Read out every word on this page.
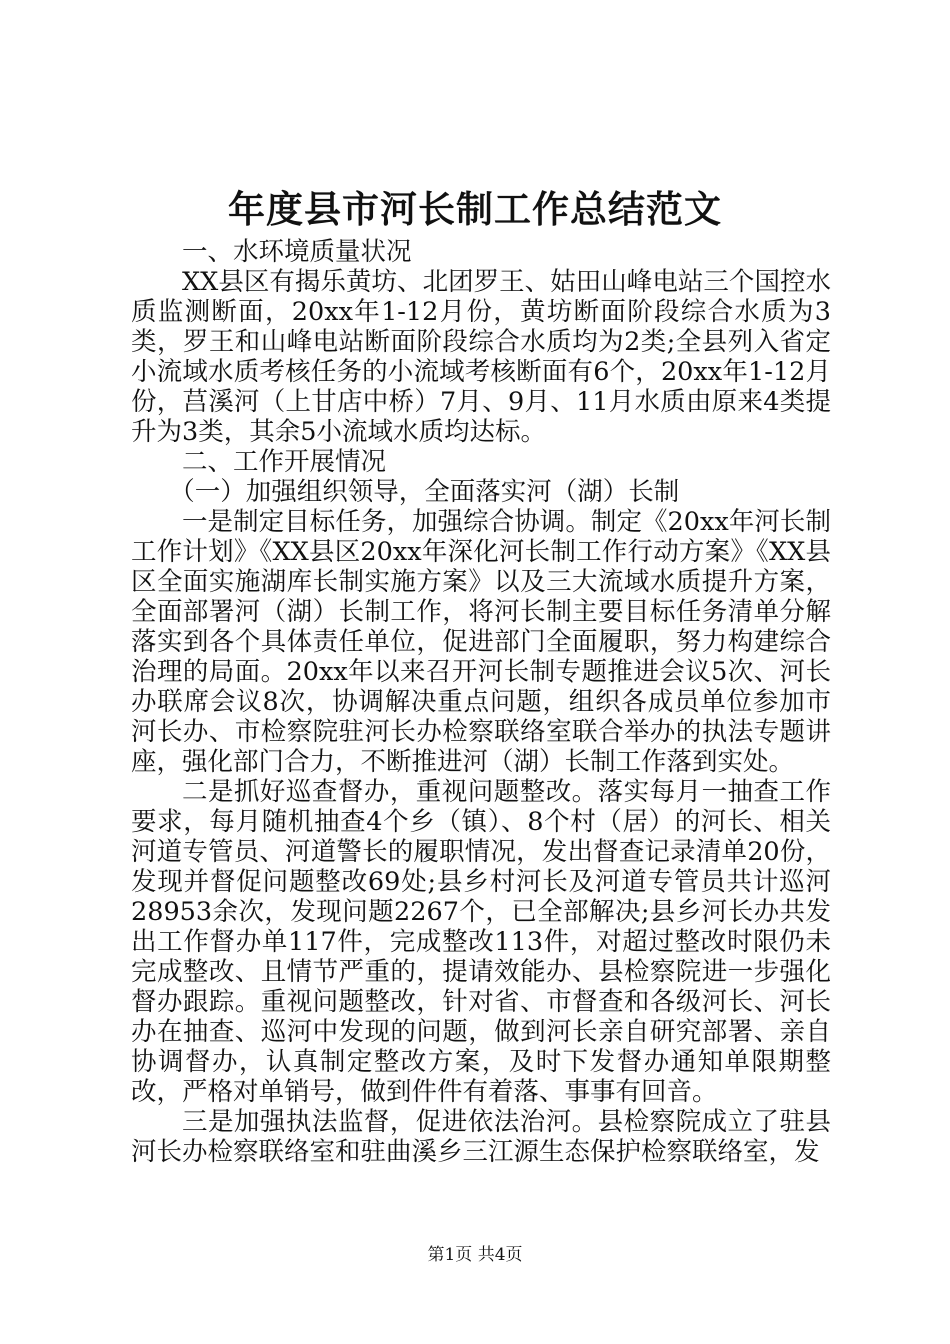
年度县市河长制工作总结范文

一、水环境质量状况

XX县区有揭乐黄坊、北团罗王、姑田山峰电站三个国控水质监测断面，20xx年1-12月份，黄坊断面阶段综合水质为3类，罗王和山峰电站断面阶段综合水质均为2类;全县列入省定小流域水质考核任务的小流域考核断面有6个，20xx年1-12月份，莒溪河（上甘店中桥）7月、9月、11月水质由原来4类提升为3类，其余5小流域水质均达标。

二、工作开展情况

（一）加强组织领导，全面落实河（湖）长制

一是制定目标任务，加强综合协调。制定《20xx年河长制工作计划》《XX县区20xx年深化河长制工作行动方案》《XX县区全面实施湖库长制实施方案》以及三大流域水质提升方案，全面部署河（湖）长制工作，将河长制主要目标任务清单分解落实到各个具体责任单位，促进部门全面履职，努力构建综合治理的局面。20xx年以来召开河长制专题推进会议5次、河长办联席会议8次，协调解决重点问题，组织各成员单位参加市河长办、市检察院驻河长办检察联络室联合举办的执法专题讲座，强化部门合力，不断推进河（湖）长制工作落到实处。

二是抓好巡查督办，重视问题整改。落实每月一抽查工作要求，每月随机抽查4个乡（镇）、8个村（居）的河长、相关河道专管员、河道警长的履职情况，发出督查记录清单20份，发现并督促问题整改69处;县乡村河长及河道专管员共计巡河28953余次，发现问题2267个，已全部解决;县乡河长办共发出工作督办单117件，完成整改113件，对超过整改时限仍未完成整改、且情节严重的，提请效能办、县检察院进一步强化督办跟踪。重视问题整改，针对省、市督查和各级河长、河长办在抽查、巡河中发现的问题，做到河长亲自研究部署、亲自协调督办，认真制定整改方案，及时下发督办通知单限期整改，严格对单销号，做到件件有着落、事事有回音。

三是加强执法监督，促进依法治河。县检察院成立了驻县河长办检察联络室和驻曲溪乡三江源生态保护检察联络室，发

第1页 共4页
